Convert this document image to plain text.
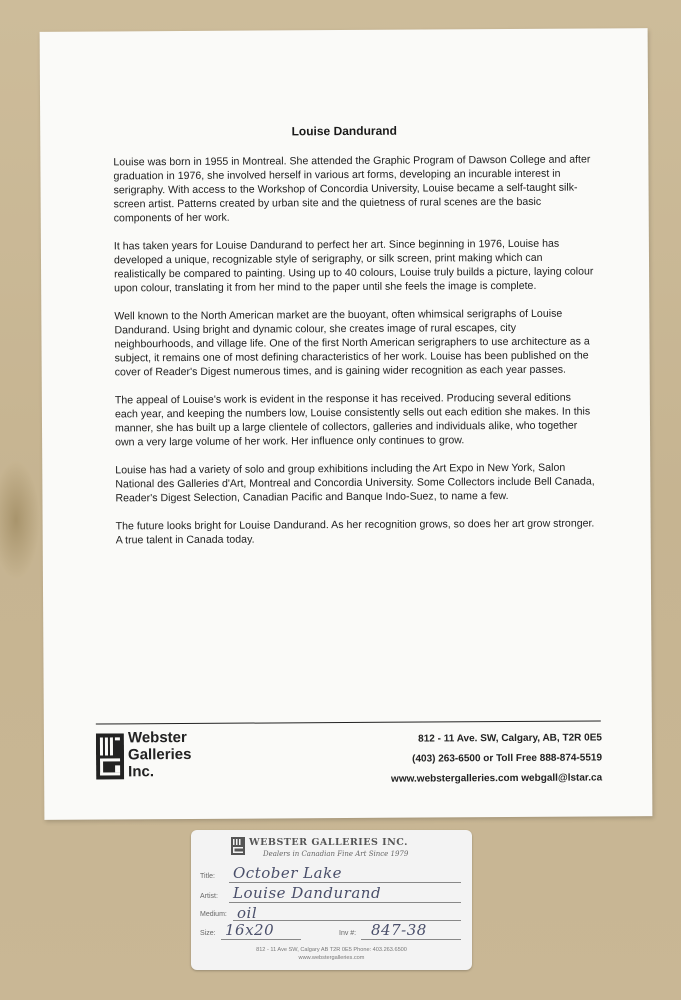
Louise Dandurand

Louise was born in 1955 in Montreal. She attended the Graphic Program of Dawson College and after graduation in 1976, she involved herself in various art forms, developing an incurable interest in serigraphy. With access to the Workshop of Concordia University, Louise became a self-taught silk-screen artist. Patterns created by urban site and the quietness of rural scenes are the basic components of her work.

It has taken years for Louise Dandurand to perfect her art. Since beginning in 1976, Louise has developed a unique, recognizable style of serigraphy, or silk screen, print making which can realistically be compared to painting. Using up to 40 colours, Louise truly builds a picture, laying colour upon colour, translating it from her mind to the paper until she feels the image is complete.

Well known to the North American market are the buoyant, often whimsical serigraphs of Louise Dandurand. Using bright and dynamic colour, she creates image of rural escapes, city neighbourhoods, and village life. One of the first North American serigraphers to use architecture as a subject, it remains one of most defining characteristics of her work. Louise has been published on the cover of Reader's Digest numerous times, and is gaining wider recognition as each year passes.

The appeal of Louise's work is evident in the response it has received. Producing several editions each year, and keeping the numbers low, Louise consistently sells out each edition she makes. In this manner, she has built up a large clientele of collectors, galleries and individuals alike, who together own a very large volume of her work. Her influence only continues to grow.

Louise has had a variety of solo and group exhibitions including the Art Expo in New York, Salon National des Galleries d'Art, Montreal and Concordia University. Some Collectors include Bell Canada, Reader's Digest Selection, Canadian Pacific and Banque Indo-Suez, to name a few.

The future looks bright for Louise Dandurand. As her recognition grows, so does her art grow stronger. A true talent in Canada today.

Webster
Galleries
Inc.
812 - 11 Ave. SW, Calgary, AB, T2R 0E5
(403) 263-6500 or Toll Free 888-874-5519
www.webstergalleries.com webgall@lstar.ca
WEBSTER GALLERIES INC.
Dealers in Canadian Fine Art Since 1979
Title: October Lake
Artist: Louise Dandurand
Medium: oil
Size: 16x20	Inv #: 847-38
812 - 11 Ave SW, Calgary AB T2R 0E5 Phone: 403.263.6500
www.webstergalleries.com
